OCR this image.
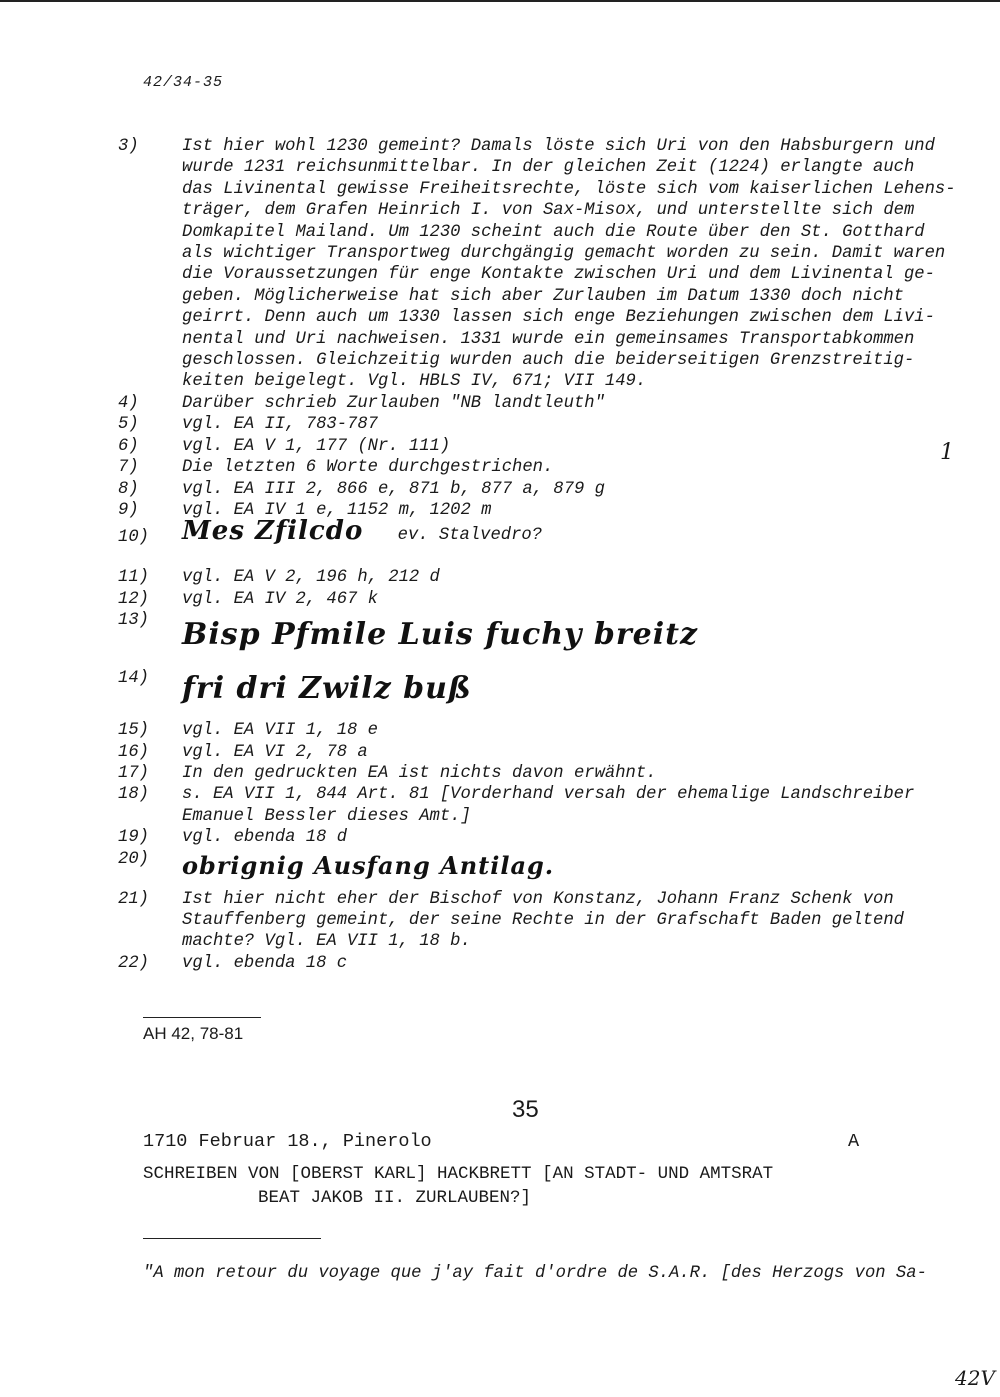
42/34-35
3)	Ist hier wohl 1230 gemeint? Damals löste sich Uri von den Habsburgern und
wurde 1231 reichsunmittelbar. In der gleichen Zeit (1224) erlangte auch
das Livinental gewisse Freiheitsrechte, löste sich vom kaiserlichen Lehens-
träger, dem Grafen Heinrich I. von Sax-Misox, und unterstellte sich dem
Domkapitel Mailand. Um 1230 scheint auch die Route über den St. Gotthard
als wichtiger Transportweg durchgängig gemacht worden zu sein. Damit waren
die Voraussetzungen für enge Kontakte zwischen Uri und dem Livinental ge-
geben. Möglicherweise hat sich aber Zurlauben im Datum 1330 doch nicht
geirrt. Denn auch um 1330 lassen sich enge Beziehungen zwischen dem Livi-
nental und Uri nachweisen. 1331 wurde ein gemeinsames Transportabkommen
geschlossen. Gleichzeitig wurden auch die beiderseitigen Grenzstreitig-
keiten beigelegt. Vgl. HBLS IV, 671; VII 149.
4)	Darüber schrieb Zurlauben "NB landtleuth"
5)	vgl. EA II, 783-787
6)	vgl. EA V 1, 177 (Nr. 111)
7)	Die letzten 6 Worte durchgestrichen.
8)	vgl. EA III 2, 866 e, 871 b, 877 a, 879 g
9)	vgl. EA IV 1 e, 1152 m, 1202 m
10)	Mes Zfilcdo ev. Stalvedro?
11)	vgl. EA V 2, 196 h, 212 d
12)	vgl. EA IV 2, 467 k
13)	Bisp Pfmile Luis fuchy breitz
14)	fri dri Zwilz buß
15)	vgl. EA VII 1, 18 e
16)	vgl. EA VI 2, 78 a
17)	In den gedruckten EA ist nichts davon erwähnt.
18)	s. EA VII 1, 844 Art. 81 [Vorderhand versah der ehemalige Landschreiber
Emanuel Bessler dieses Amt.]
19)	vgl. ebenda 18 d
20)	obrignig Ausfang Antilag.
21)	Ist hier nicht eher der Bischof von Konstanz, Johann Franz Schenk von
Stauffenberg gemeint, der seine Rechte in der Grafschaft Baden geltend
machte? Vgl. EA VII 1, 18 b.
22)	vgl. ebenda 18 c
1
AH 42, 78-81
35
1710 Februar 18., Pinerolo	A
SCHREIBEN VON [OBERST KARL] HACKBRETT [AN STADT- UND AMTSRAT
BEAT JAKOB II. ZURLAUBEN?]
"A mon retour du voyage que j'ay fait d'ordre de S.A.R. [des Herzogs von Sa-
42V
